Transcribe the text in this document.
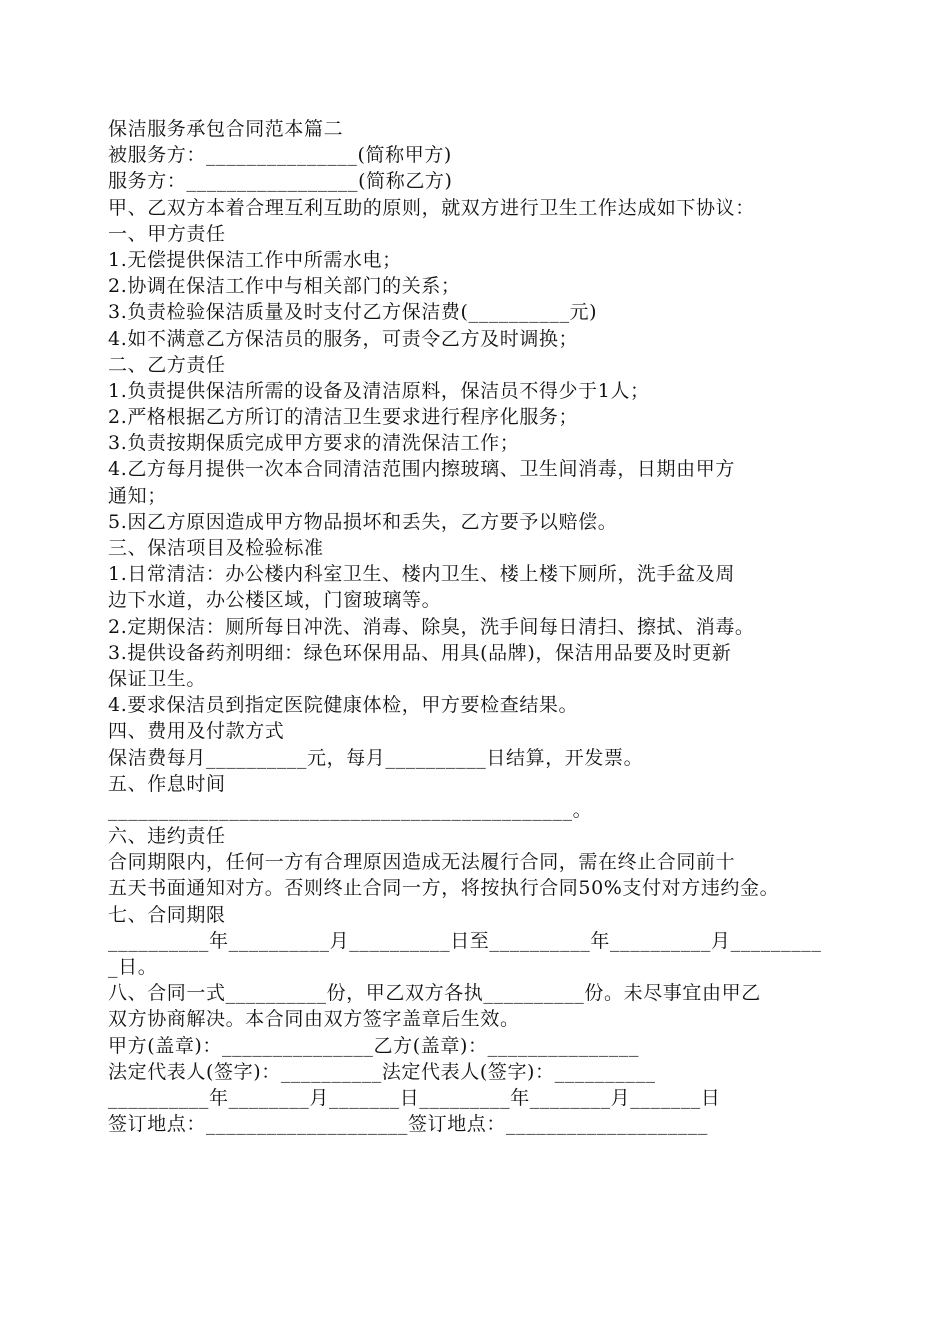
保洁服务承包合同范本篇二
被服务方：_______________(简称甲方)
服务方：_________________(简称乙方)
甲、乙双方本着合理互利互助的原则，就双方进行卫生工作达成如下协议：
一、甲方责任
1.无偿提供保洁工作中所需水电；
2.协调在保洁工作中与相关部门的关系；
3.负责检验保洁质量及时支付乙方保洁费(__________元)
4.如不满意乙方保洁员的服务，可责令乙方及时调换；
二、乙方责任
1.负责提供保洁所需的设备及清洁原料，保洁员不得少于1人；
2.严格根据乙方所订的清洁卫生要求进行程序化服务；
3.负责按期保质完成甲方要求的清洗保洁工作；
4.乙方每月提供一次本合同清洁范围内擦玻璃、卫生间消毒，日期由甲方
通知；
5.因乙方原因造成甲方物品损坏和丢失，乙方要予以赔偿。
三、保洁项目及检验标准
1.日常清洁：办公楼内科室卫生、楼内卫生、楼上楼下厕所，洗手盆及周
边下水道，办公楼区域，门窗玻璃等。
2.定期保洁：厕所每日冲洗、消毒、除臭，洗手间每日清扫、擦拭、消毒。
3.提供设备药剂明细：绿色环保用品、用具(品牌)，保洁用品要及时更新
保证卫生。
4.要求保洁员到指定医院健康体检，甲方要检查结果。
四、费用及付款方式
保洁费每月__________元，每月__________日结算，开发票。
五、作息时间
______________________________________________。
六、违约责任
合同期限内，任何一方有合理原因造成无法履行合同，需在终止合同前十
五天书面通知对方。否则终止合同一方，将按执行合同50%支付对方违约金。
七、合同期限
__________年__________月__________日至__________年__________月_________
_日。
八、合同一式__________份，甲乙双方各执__________份。未尽事宜由甲乙
双方协商解决。本合同由双方签字盖章后生效。
甲方(盖章)：_______________乙方(盖章)：_______________
法定代表人(签字)：__________法定代表人(签字)：__________
__________年________月_______日_________年________月_______日
签订地点：____________________签订地点：____________________
